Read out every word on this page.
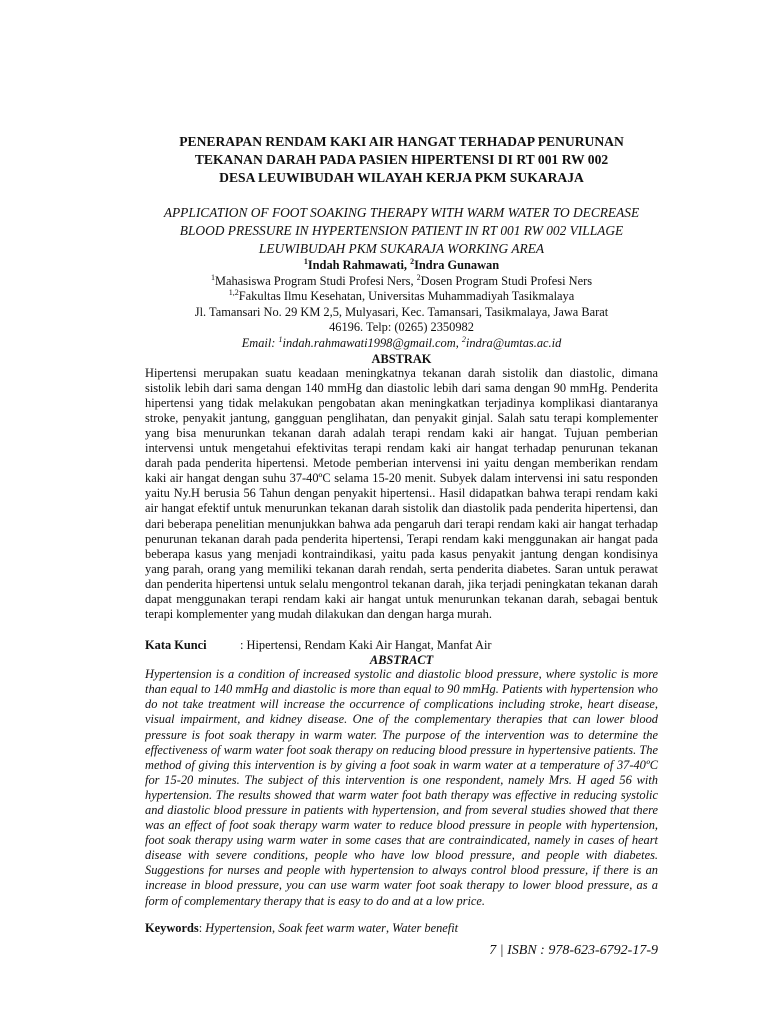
PENERAPAN RENDAM KAKI AIR HANGAT TERHADAP PENURUNAN
TEKANAN DARAH PADA PASIEN HIPERTENSI DI RT 001 RW 002
DESA LEUWIBUDAH WILAYAH KERJA PKM SUKARAJA
APPLICATION OF FOOT SOAKING THERAPY WITH WARM WATER TO DECREASE
BLOOD PRESSURE IN HYPERTENSION PATIENT IN RT 001 RW 002 VILLAGE
LEUWIBUDAH PKM SUKARAJA WORKING AREA

$^1$Indah Rahmawati, $^2$Indra Gunawan

$^1$Mahasiswa Program Studi Profesi Ners, $^2$Dosen Program Studi Profesi Ners

$^{1,2}$Fakultas Ilmu Kesehatan, Universitas Muhammadiyah Tasikmalaya

Jl. Tamansari No. 29 KM 2,5, Mulyasari, Kec. Tamansari, Tasikmalaya, Jawa Barat

46196. Telp: (0265) 2350982

Email: $^1$indah.rahmawati1998@gmail.com, $^2$indra@umtas.ac.id

ABSTRAK

Hipertensi merupakan suatu keadaan meningkatnya tekanan darah sistolik dan diastolic, dimana sistolik lebih dari sama dengan 140 mmHg dan diastolic lebih dari sama dengan 90 mmHg. Penderita hipertensi yang tidak melakukan pengobatan akan meningkatkan terjadinya komplikasi diantaranya stroke, penyakit jantung, gangguan penglihatan, dan penyakit ginjal. Salah satu terapi komplementer yang bisa menurunkan tekanan darah adalah terapi rendam kaki air hangat. Tujuan pemberian intervensi untuk mengetahui efektivitas terapi rendam kaki air hangat terhadap penurunan tekanan darah pada penderita hipertensi. Metode pemberian intervensi ini yaitu dengan memberikan rendam kaki air hangat dengan suhu 37-40ºC selama 15-20 menit. Subyek dalam intervensi ini satu responden yaitu Ny.H berusia 56 Tahun dengan penyakit hipertensi.. Hasil didapatkan bahwa terapi rendam kaki air hangat efektif untuk menurunkan tekanan darah sistolik dan diastolik pada penderita hipertensi, dan dari beberapa penelitian menunjukkan bahwa ada pengaruh dari terapi rendam kaki air hangat terhadap penurunan tekanan darah pada penderita hipertensi, Terapi rendam kaki menggunakan air hangat pada beberapa kasus yang menjadi kontraindikasi, yaitu pada kasus penyakit jantung dengan kondisinya yang parah, orang yang memiliki tekanan darah rendah, serta penderita diabetes. Saran untuk perawat dan penderita hipertensi untuk selalu mengontrol tekanan darah, jika terjadi peningkatan tekanan darah dapat menggunakan terapi rendam kaki air hangat untuk menurunkan tekanan darah, sebagai bentuk terapi komplementer yang mudah dilakukan dan dengan harga murah.

Kata Kunci	: Hipertensi, Rendam Kaki Air Hangat, Manfat Air

ABSTRACT

Hypertension is a condition of increased systolic and diastolic blood pressure, where systolic is more than equal to 140 mmHg and diastolic is more than equal to 90 mmHg. Patients with hypertension who do not take treatment will increase the occurrence of complications including stroke, heart disease, visual impairment, and kidney disease. One of the complementary therapies that can lower blood pressure is foot soak therapy in warm water. The purpose of the intervention was to determine the effectiveness of warm water foot soak therapy on reducing blood pressure in hypertensive patients. The method of giving this intervention is by giving a foot soak in warm water at a temperature of 37-40ºC for 15-20 minutes. The subject of this intervention is one respondent, namely Mrs. H aged 56 with hypertension. The results showed that warm water foot bath therapy was effective in reducing systolic and diastolic blood pressure in patients with hypertension, and from several studies showed that there was an effect of foot soak therapy warm water to reduce blood pressure in people with hypertension, foot soak therapy using warm water in some cases that are contraindicated, namely in cases of heart disease with severe conditions, people who have low blood pressure, and people with diabetes. Suggestions for nurses and people with hypertension to always control blood pressure, if there is an increase in blood pressure, you can use warm water foot soak therapy to lower blood pressure, as a form of complementary therapy that is easy to do and at a low price.

Keywords: Hypertension, Soak feet warm water, Water benefit

7 | ISBN : 978-623-6792-17-9
